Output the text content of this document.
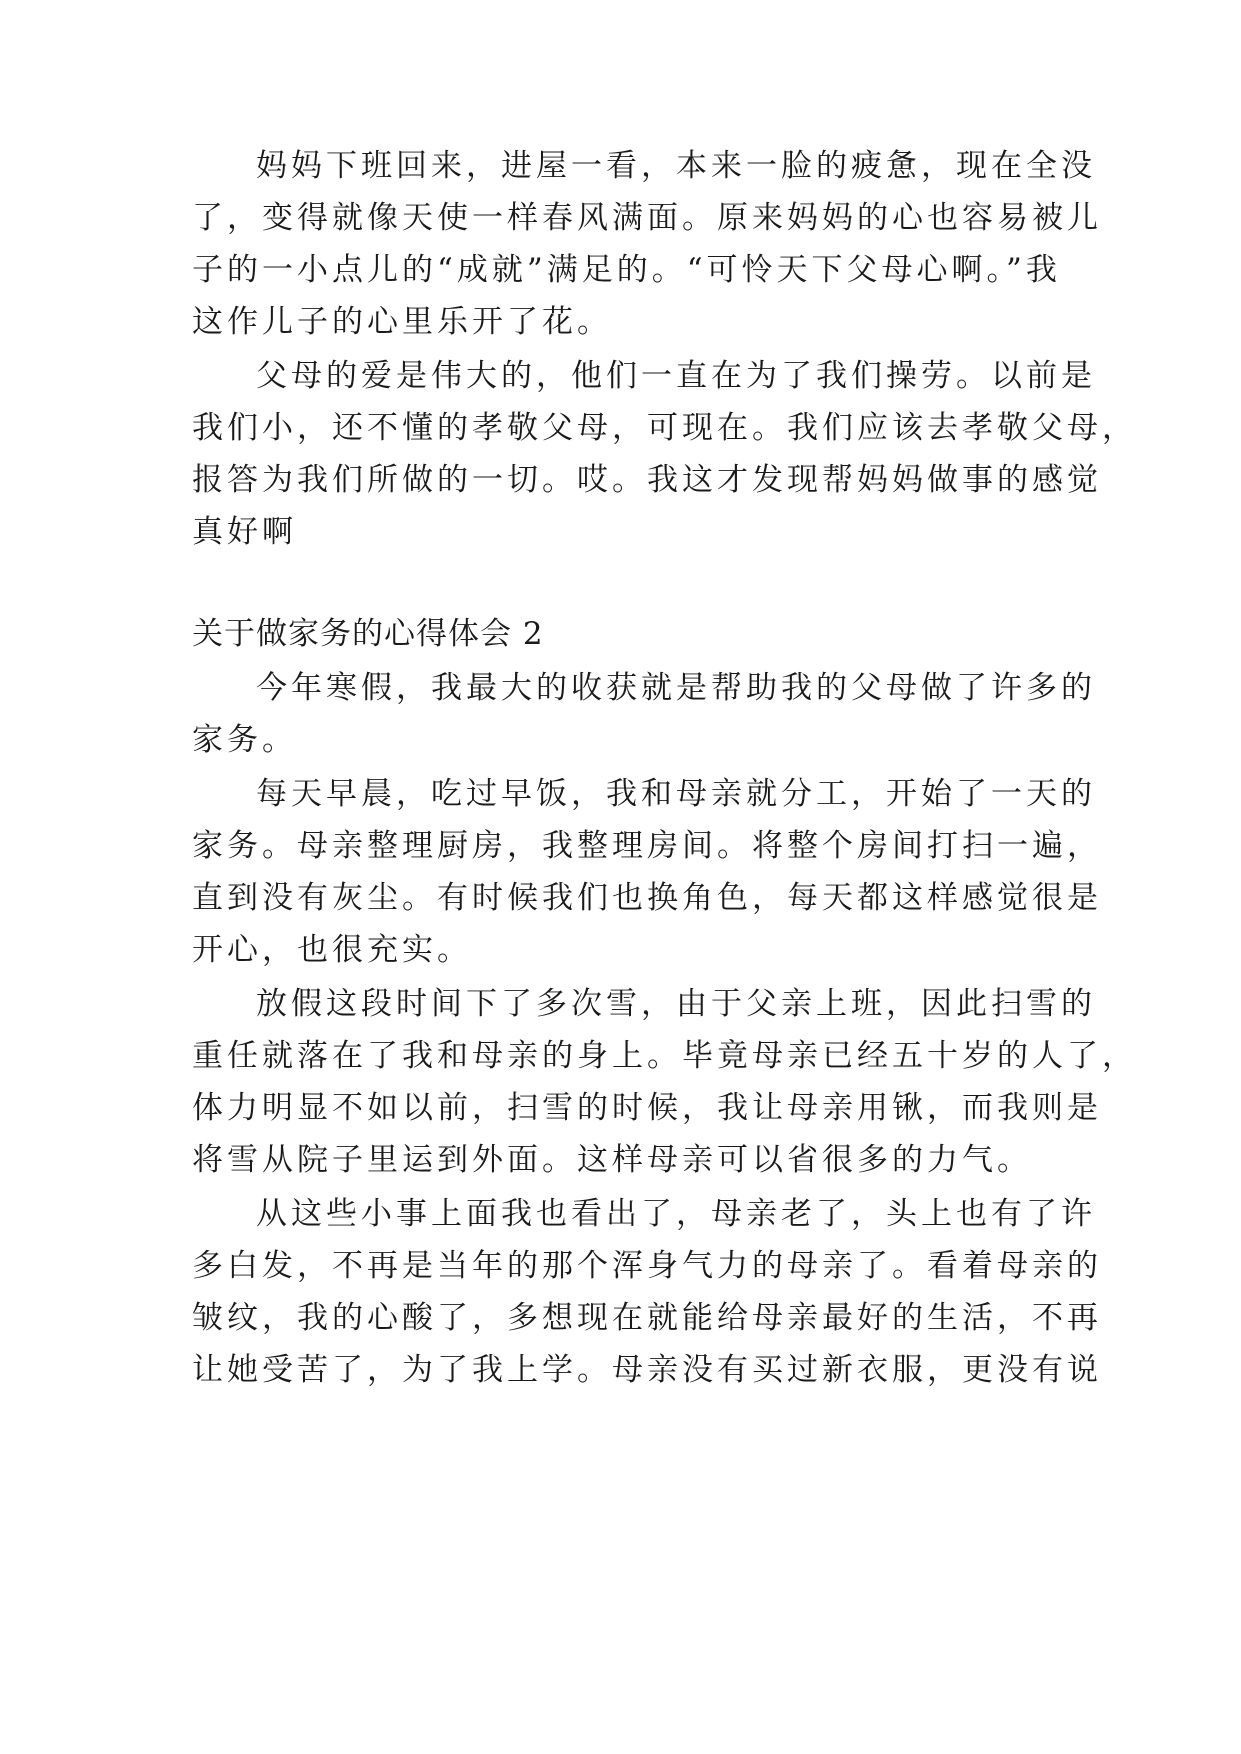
妈妈下班回来，进屋一看，本来一脸的疲惫，现在全没
了，变得就像天使一样春风满面。原来妈妈的心也容易被儿
子的一小点儿的“成就”满足的。“可怜天下父母心啊。”我
这作儿子的心里乐开了花。
父母的爱是伟大的，他们一直在为了我们操劳。以前是
我们小，还不懂的孝敬父母，可现在。我们应该去孝敬父母，
报答为我们所做的一切。哎。我这才发现帮妈妈做事的感觉
真好啊
关于做家务的心得体会 2
今年寒假，我最大的收获就是帮助我的父母做了许多的
家务。
每天早晨，吃过早饭，我和母亲就分工，开始了一天的
家务。母亲整理厨房，我整理房间。将整个房间打扫一遍，
直到没有灰尘。有时候我们也换角色，每天都这样感觉很是
开心，也很充实。
放假这段时间下了多次雪，由于父亲上班，因此扫雪的
重任就落在了我和母亲的身上。毕竟母亲已经五十岁的人了，
体力明显不如以前，扫雪的时候，我让母亲用锹，而我则是
将雪从院子里运到外面。这样母亲可以省很多的力气。
从这些小事上面我也看出了，母亲老了，头上也有了许
多白发，不再是当年的那个浑身气力的母亲了。看着母亲的
皱纹，我的心酸了，多想现在就能给母亲最好的生活，不再
让她受苦了，为了我上学。母亲没有买过新衣服，更没有说
